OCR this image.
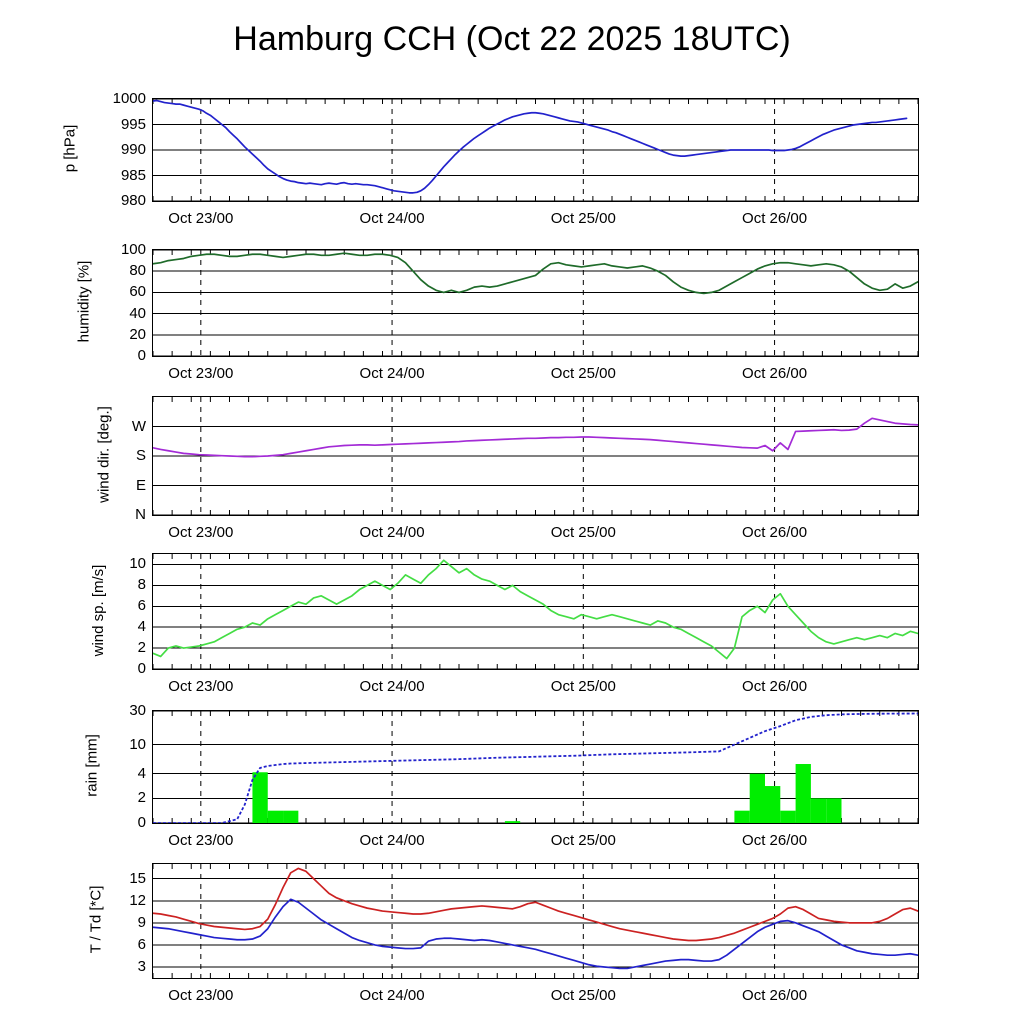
Hamburg CCH (Oct 22 2025 18UTC)
980
985
990
995
1000
p [hPa]
Oct 23/00	Oct 24/00	Oct 25/00	Oct 26/00
0
20
40
60
80
100
humidity [%]
Oct 23/00	Oct 24/00	Oct 25/00	Oct 26/00
N
E
S
W
wind dir. [deg.]
Oct 23/00	Oct 24/00	Oct 25/00	Oct 26/00
0
2
4
6
8
10
wind sp. [m/s]
Oct 23/00	Oct 24/00	Oct 25/00	Oct 26/00
0
2
4
10
30
rain [mm]
Oct 23/00	Oct 24/00	Oct 25/00	Oct 26/00
3
6
9
12
15
T / Td [*C]
Oct 23/00	Oct 24/00	Oct 25/00	Oct 26/00
